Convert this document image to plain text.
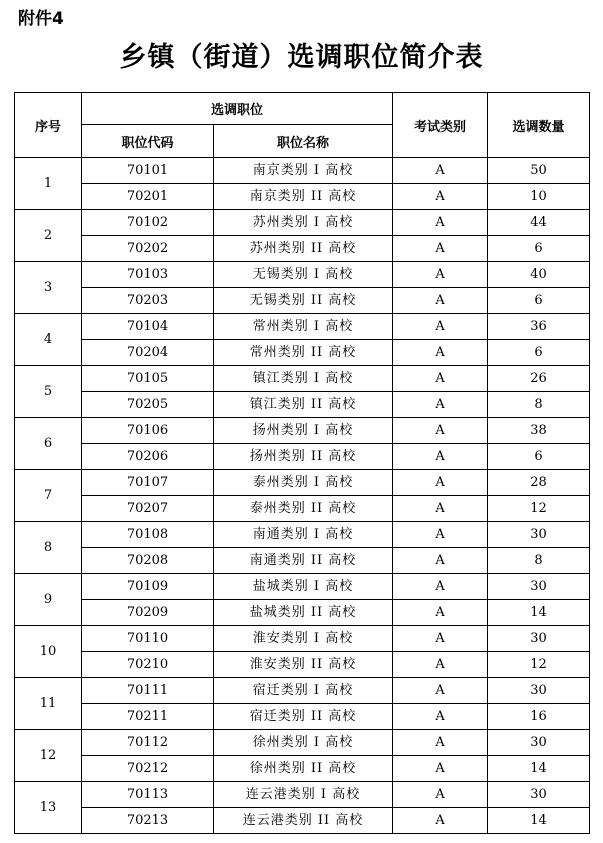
附件4
乡镇（街道）选调职位简介表
序号	选调职位		考试类别	选调数量
	职位代码	职位名称		
1	70101	南京类别 I 高校	A	50
	70201	南京类别 II 高校	A	10
2	70102	苏州类别 I 高校	A	44
	70202	苏州类别 II 高校	A	6
3	70103	无锡类别 I 高校	A	40
	70203	无锡类别 II 高校	A	6
4	70104	常州类别 I 高校	A	36
	70204	常州类别 II 高校	A	6
5	70105	镇江类别 I 高校	A	26
	70205	镇江类别 II 高校	A	8
6	70106	扬州类别 I 高校	A	38
	70206	扬州类别 II 高校	A	6
7	70107	泰州类别 I 高校	A	28
	70207	泰州类别 II 高校	A	12
8	70108	南通类别 I 高校	A	30
	70208	南通类别 II 高校	A	8
9	70109	盐城类别 I 高校	A	30
	70209	盐城类别 II 高校	A	14
10	70110	淮安类别 I 高校	A	30
	70210	淮安类别 II 高校	A	12
11	70111	宿迁类别 I 高校	A	30
	70211	宿迁类别 II 高校	A	16
12	70112	徐州类别 I 高校	A	30
	70212	徐州类别 II 高校	A	14
13	70113	连云港类别 I 高校	A	30
	70213	连云港类别 II 高校	A	14
